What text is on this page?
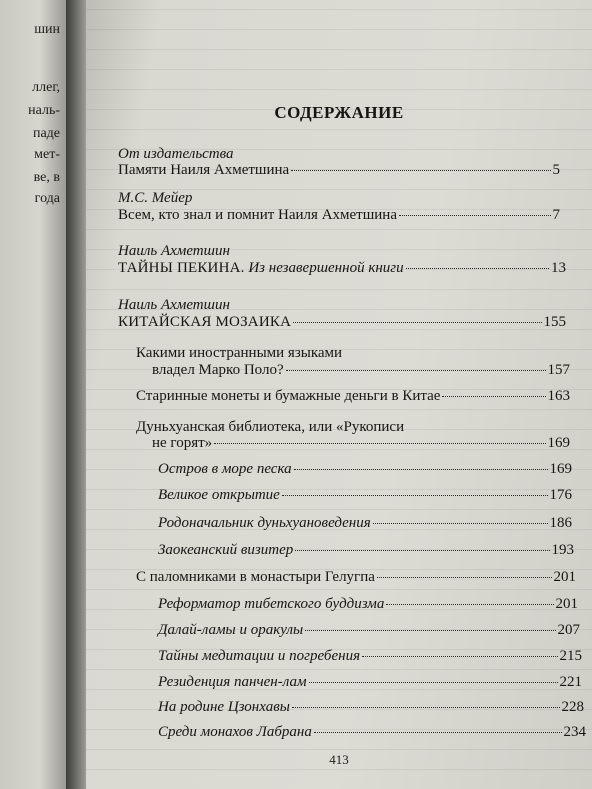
шин
ллег,
наль-
паде
мет-
ве, в
года
СОДЕРЖАНИЕ
От издательства
Памяти Наиля Ахметшина	5
М.С. Мейер
Всем, кто знал и помнит Наиля Ахметшина	7
Наиль Ахметшин
ТАЙНЫ ПЕКИНА. Из незавершенной книги	13
Наиль Ахметшин
КИТАЙСКАЯ МОЗАИКА	155
Какими иностранными языками
владел Марко Поло?	157
Старинные монеты и бумажные деньги в Китае	163
Дуньхуанская библиотека, или «Рукописи
не горят»	169
Остров в море песка	169
Великое открытие	176
Родоначальник дуньхуановедения	186
Заокеанский визитер	193
С паломниками в монастыри Гелугпа	201
Реформатор тибетского буддизма	201
Далай-ламы и оракулы	207
Тайны медитации и погребения	215
Резиденция панчен-лам	221
На родине Цзонхавы	228
Среди монахов Лабрана	234
413
